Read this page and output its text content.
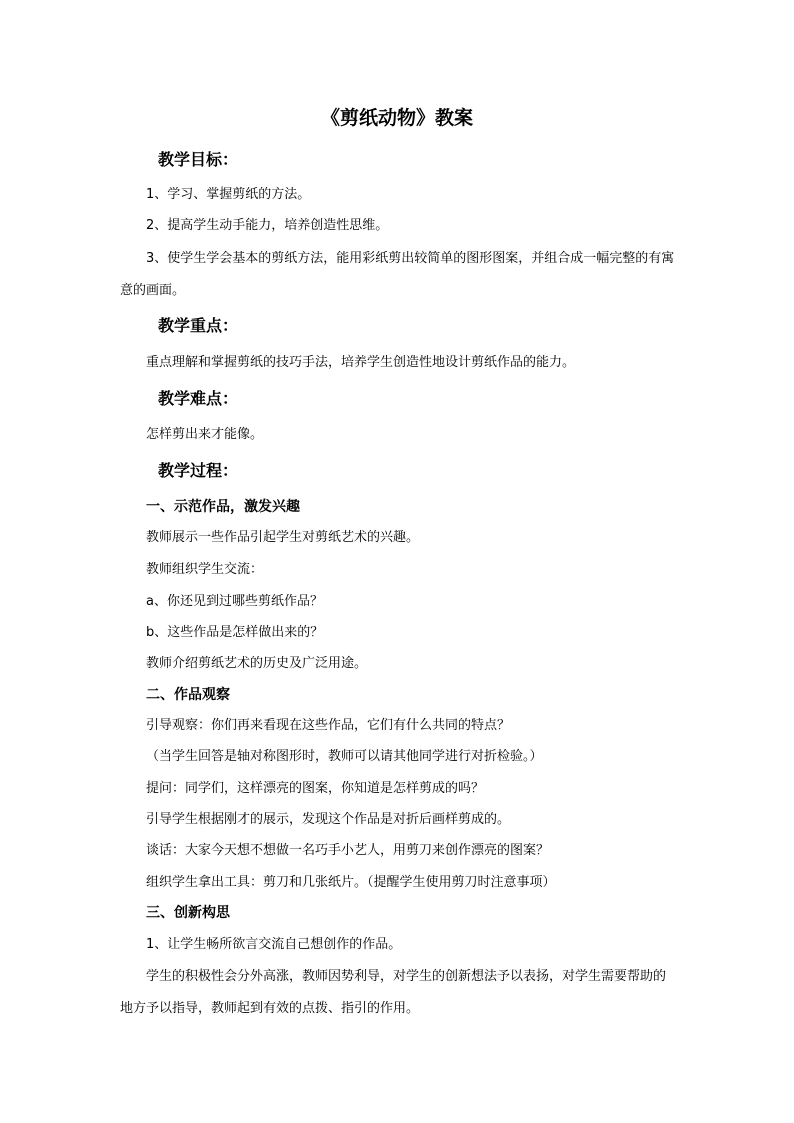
《剪纸动物》教案
教学目标：
1、学习、掌握剪纸的方法。
2、提高学生动手能力，培养创造性思维。
3、使学生学会基本的剪纸方法，能用彩纸剪出较简单的图形图案，并组合成一幅完整的有寓意的画面。
教学重点：
重点理解和掌握剪纸的技巧手法，培养学生创造性地设计剪纸作品的能力。
教学难点：
怎样剪出来才能像。
教学过程：
一、示范作品，激发兴趣
教师展示一些作品引起学生对剪纸艺术的兴趣。
教师组织学生交流：
a、你还见到过哪些剪纸作品？
b、这些作品是怎样做出来的？
教师介绍剪纸艺术的历史及广泛用途。
二、作品观察
引导观察：你们再来看现在这些作品，它们有什么共同的特点？
（当学生回答是轴对称图形时，教师可以请其他同学进行对折检验。）
提问：同学们，这样漂亮的图案，你知道是怎样剪成的吗？
引导学生根据刚才的展示，发现这个作品是对折后画样剪成的。
谈话：大家今天想不想做一名巧手小艺人，用剪刀来创作漂亮的图案？
组织学生拿出工具：剪刀和几张纸片。（提醒学生使用剪刀时注意事项）
三、创新构思
1、让学生畅所欲言交流自己想创作的作品。
学生的积极性会分外高涨，教师因势利导，对学生的创新想法予以表扬，对学生需要帮助的地方予以指导，教师起到有效的点拨、指引的作用。
